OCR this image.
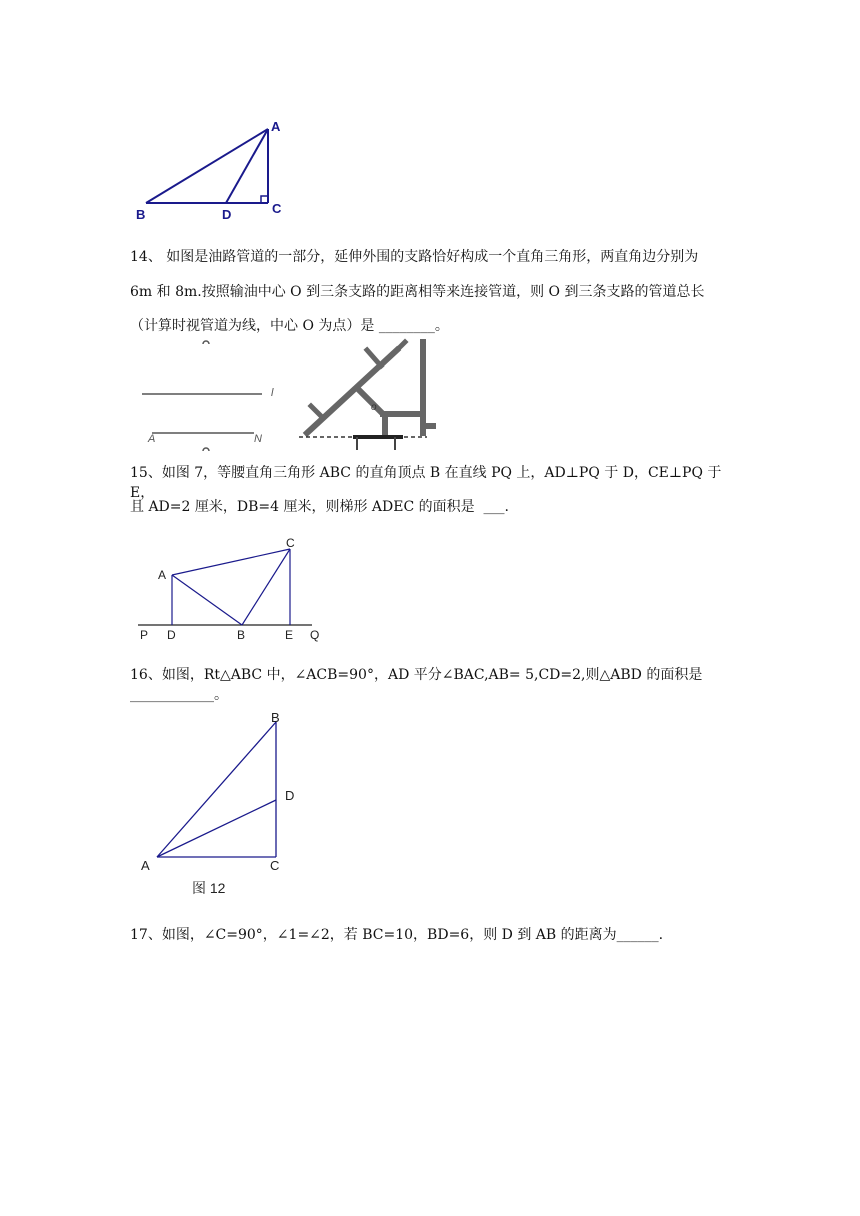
A
B	D	C
14、 如图是油路管道的一部分，延伸外围的支路恰好构成一个直角三角形，两直角边分别为
6m 和 8m.按照输油中心 O 到三条支路的距离相等来连接管道，则 O 到三条支路的管道总长
（计算时视管道为线，中心 O 为点）是 ________。
l
A	N
o
15、如图 7，等腰直角三角形 ABC 的直角顶点 B 在直线 PQ 上，AD⊥PQ 于 D，CE⊥PQ 于 E，
且 AD=2 厘米，DB=4 厘米，则梯形 ADEC 的面积是  ___.
A
C
P D	B	E Q
16、如图，Rt△ABC 中，∠ACB=90°，AD 平分∠BAC,AB= 5,CD=2,则△ABD 的面积是____________。
B
D
A	C
图 12
17、如图，∠C=90°，∠1=∠2，若 BC=10，BD=6，则 D 到 AB 的距离为______.
